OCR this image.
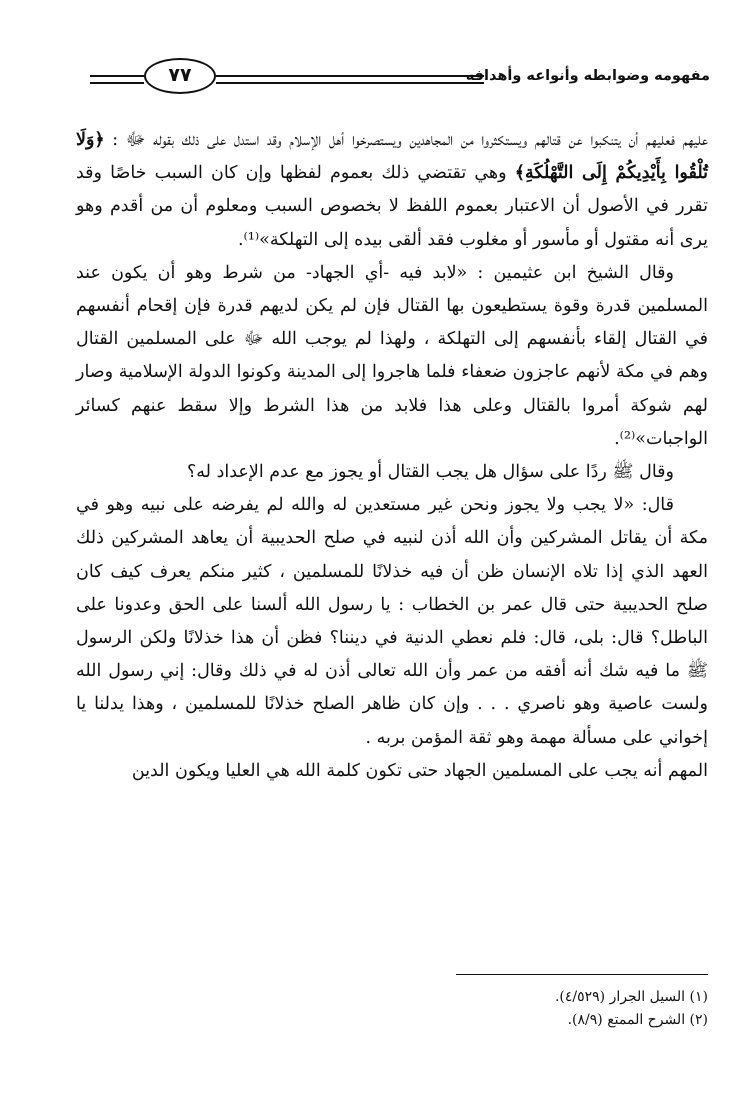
مفهومه وضوابطه وأنواعه وأهدافه
٧٧

عليهم فعليهم أن يتنكبوا عن قتالهم ويستكثروا من المجاهدين ويستصرخوا أهل الإسلام وقد استدل على ذلك بقوله ﷻ : ﴿وَلَا تُلْقُوا بِأَيْدِيكُمْ إِلَى التَّهْلُكَةِ﴾ وهي تقتضي ذلك بعموم لفظها وإن كان السبب خاصًا وقد تقرر في الأصول أن الاعتبار بعموم اللفظ لا بخصوص السبب ومعلوم أن من أقدم وهو يرى أنه مقتول أو مأسور أو مغلوب فقد ألقى بيده إلى التهلكة»⁽¹⁾.

وقال الشيخ ابن عثيمين : «لابد فيه -أي الجهاد- من شرط وهو أن يكون عند المسلمين قدرة وقوة يستطيعون بها القتال فإن لم يكن لديهم قدرة فإن إقحام أنفسهم في القتال إلقاء بأنفسهم إلى التهلكة ، ولهذا لم يوجب الله ﷻ على المسلمين القتال وهم في مكة لأنهم عاجزون ضعفاء فلما هاجروا إلى المدينة وكونوا الدولة الإسلامية وصار لهم شوكة أمروا بالقتال وعلى هذا فلابد من هذا الشرط وإلا سقط عنهم كسائر الواجبات»⁽²⁾.

وقال ﷺ ردًا على سؤال هل يجب القتال أو يجوز مع عدم الإعداد له؟

قال: «لا يجب ولا يجوز ونحن غير مستعدين له والله لم يفرضه على نبيه وهو في مكة أن يقاتل المشركين وأن الله أذن لنبيه في صلح الحديبية أن يعاهد المشركين ذلك العهد الذي إذا تلاه الإنسان ظن أن فيه خذلانًا للمسلمين ، كثير منكم يعرف كيف كان صلح الحديبية حتى قال عمر بن الخطاب : يا رسول الله ألسنا على الحق وعدونا على الباطل؟ قال: بلى، قال: فلم نعطي الدنية في ديننا؟ فظن أن هذا خذلانًا ولكن الرسول ﷺ ما فيه شك أنه أفقه من عمر وأن الله تعالى أذن له في ذلك وقال: إني رسول الله ولست عاصية وهو ناصري . . . وإن كان ظاهر الصلح خذلانًا للمسلمين ، وهذا يدلنا يا إخواني على مسألة مهمة وهو ثقة المؤمن بربه .

المهم أنه يجب على المسلمين الجهاد حتى تكون كلمة الله هي العليا ويكون الدين

(١) السيل الجرار (٤/٥٢٩).
(٢) الشرح الممتع (٨/٩).
